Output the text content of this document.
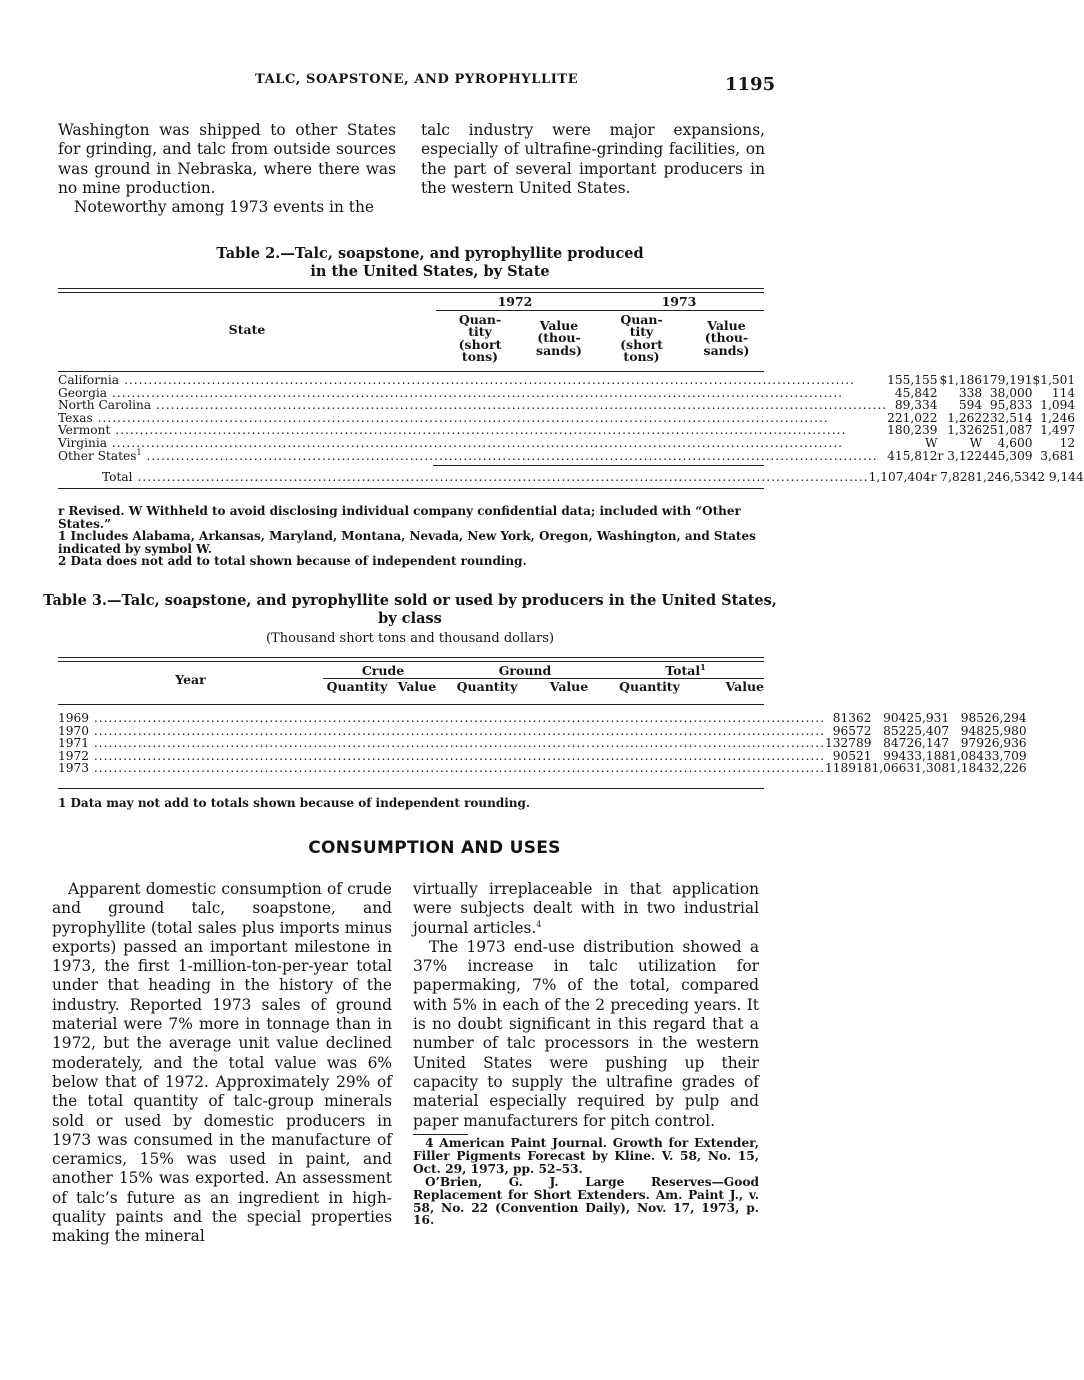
TALC, SOAPSTONE, AND PYROPHYLLITE	1195

Washington was shipped to other States for grinding, and talc from outside sources was ground in Nebraska, where there was no mine production.

Noteworthy among 1973 events in the

talc industry were major expansions, especially of ultrafine-grinding facilities, on the part of several important producers in the western United States.

Table 2.—Talc, soapstone, and pyrophyllite produced
in the United States, by State
State	1972		1973	
	Quan-tity (short tons)	Value (thou-sands)	Quan-tity (short tons)	Value (thou-sands)
California .....	155,155	$1,186	179,191	$1,501
Georgia .....	45,842	338	38,000	114
North Carolina .....	89,334	594	95,833	1,094
Texas .....	221,022	1,262	232,514	1,246
Vermont .....	180,239	1,326	251,087	1,497
Virginia .....	W	W	4,600	12
Other States$^1$ .....	415,812	r 3,122	445,309	3,681
Total .....	1,107,404	r 7,828	1,246,534	2 9,144
r Revised. W Withheld to avoid disclosing individual company confidential data; included with “Other States.”
1 Includes Alabama, Arkansas, Maryland, Montana, Nevada, New York, Oregon, Washington, and States indicated by symbol W.
2 Data does not add to total shown because of independent rounding.
Table 3.—Talc, soapstone, and pyrophyllite sold or used by producers in the United States,
by class
(Thousand short tons and thousand dollars)
Year	Crude		Ground		Total$^1$
	Quantity	Value	Quantity	Value	Quantity	Value
1969 .....	81	362	904	25,931	985	26,294
1970 .....	96	572	852	25,407	948	25,980
1971 .....	132	789	847	26,147	979	26,936
1972 .....	90	521	994	33,188	1,084	33,709
1973 .....	118	918	1,066	31,308	1,184	32,226
1 Data may not add to totals shown because of independent rounding.
CONSUMPTION AND USES

Apparent domestic consumption of crude and ground talc, soapstone, and pyrophyllite (total sales plus imports minus exports) passed an important milestone in 1973, the first 1-million-ton-per-year total under that heading in the history of the industry. Reported 1973 sales of ground material were 7% more in tonnage than in 1972, but the average unit value declined moderately, and the total value was 6% below that of 1972. Approximately 29% of the total quantity of talc-group minerals sold or used by domestic producers in 1973 was consumed in the manufacture of ceramics, 15% was used in paint, and another 15% was exported. An assessment of talc’s future as an ingredient in high-quality paints and the special properties making the mineral

virtually irreplaceable in that application were subjects dealt with in two industrial journal articles.$^4$

The 1973 end-use distribution showed a 37% increase in talc utilization for papermaking, 7% of the total, compared with 5% in each of the 2 preceding years. It is no doubt significant in this regard that a number of talc processors in the western United States were pushing up their capacity to supply the ultrafine grades of material especially required by pulp and paper manufacturers for pitch control.

4 American Paint Journal. Growth for Extender, Filler Pigments Forecast by Kline. V. 58, No. 15, Oct. 29, 1973, pp. 52–53.
O’Brien, G. J. Large Reserves—Good Replacement for Short Extenders. Am. Paint J., v. 58, No. 22 (Convention Daily), Nov. 17, 1973, p. 16.
